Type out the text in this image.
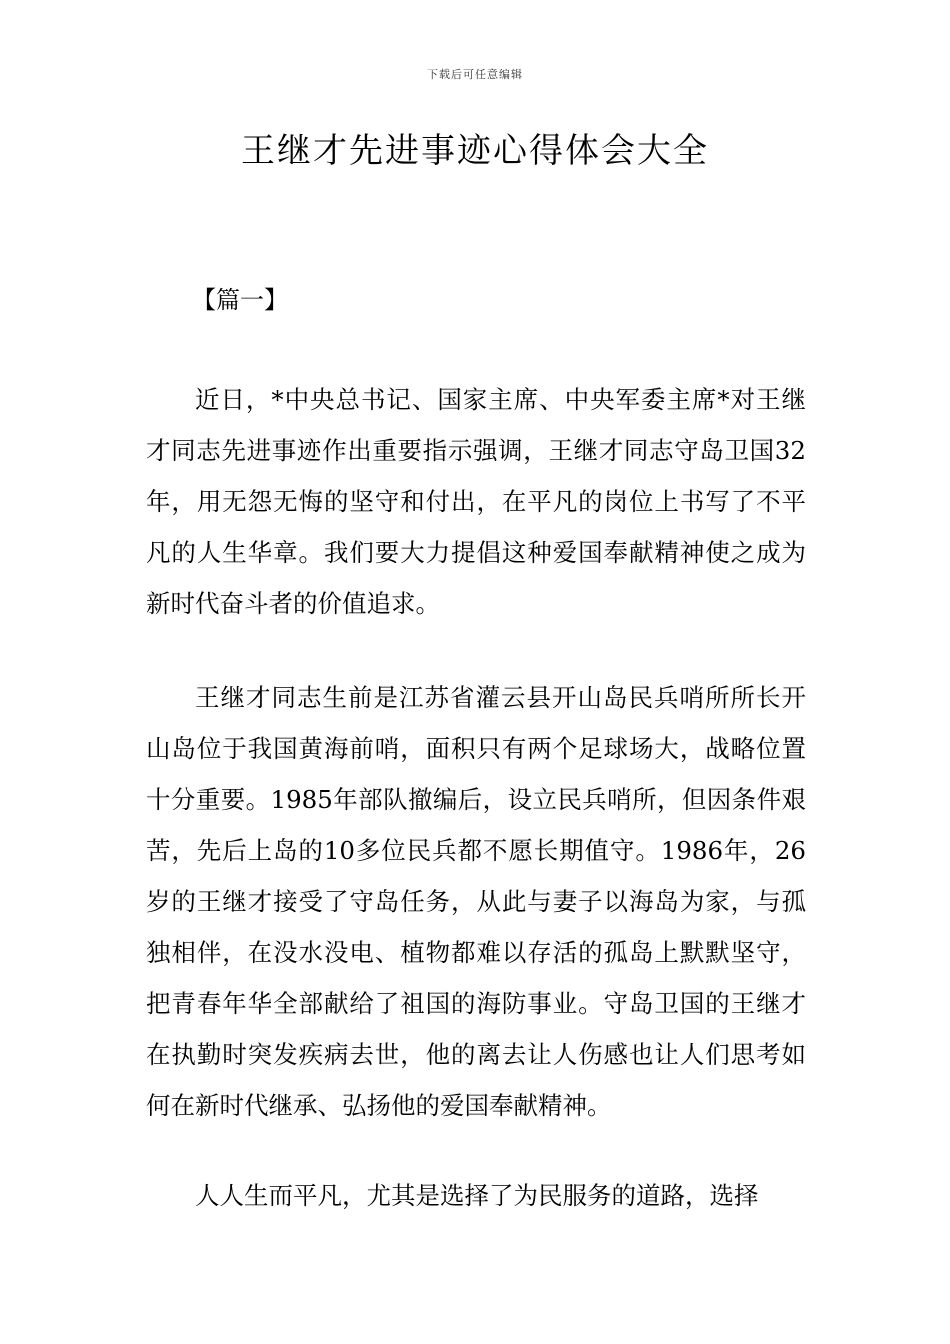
下载后可任意编辑
王继才先进事迹心得体会大全
【篇一】

近日，*中央总书记、国家主席、中央军委主席*对王继才同志先进事迹作出重要指示强调，王继才同志守岛卫国32年，用无怨无悔的坚守和付出，在平凡的岗位上书写了不平凡的人生华章。我们要大力提倡这种爱国奉献精神使之成为新时代奋斗者的价值追求。

王继才同志生前是江苏省灌云县开山岛民兵哨所所长开山岛位于我国黄海前哨，面积只有两个足球场大，战略位置十分重要。1985年部队撤编后，设立民兵哨所，但因条件艰苦，先后上岛的10多位民兵都不愿长期值守。1986年，26岁的王继才接受了守岛任务，从此与妻子以海岛为家，与孤独相伴，在没水没电、植物都难以存活的孤岛上默默坚守，把青春年华全部献给了祖国的海防事业。守岛卫国的王继才在执勤时突发疾病去世，他的离去让人伤感也让人们思考如何在新时代继承、弘扬他的爱国奉献精神。

人人生而平凡，尤其是选择了为民服务的道路，选择
